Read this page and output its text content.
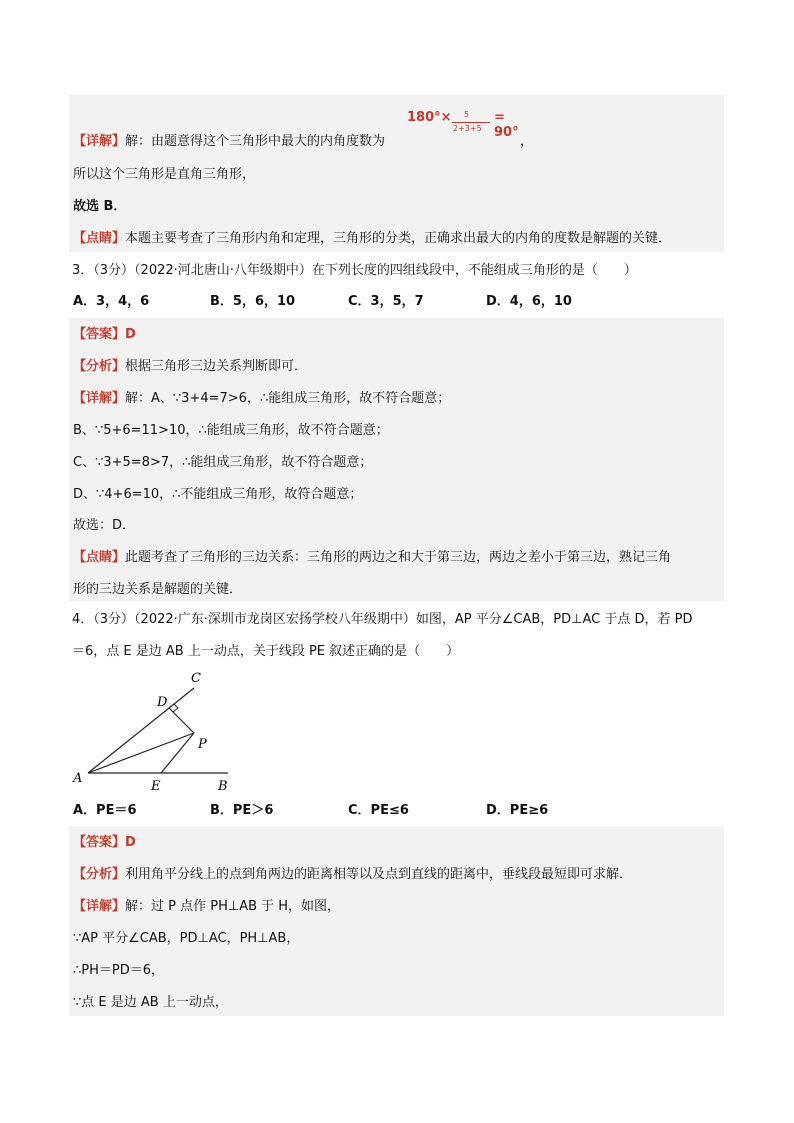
【详解】解：由题意得这个三角形中最大的内角度数为
180°× 5
2+3+5
= 90°
，
所以这个三角形是直角三角形，
故选 B．
【点睛】本题主要考查了三角形内角和定理，三角形的分类，正确求出最大的内角的度数是解题的关键．
3．（3分）（2022·河北唐山·八年级期中）在下列长度的四组线段中，不能组成三角形的是（　　）
A．3，4，6	B．5，6，10	C．3，5，7	D．4，6，10
【答案】D
【分析】根据三角形三边关系判断即可．
【详解】解：A、∵3+4=7>6，∴能组成三角形，故不符合题意；
B、∵5+6=11>10，∴能组成三角形，故不符合题意；
C、∵3+5=8>7，∴能组成三角形，故不符合题意；
D、∵4+6=10，∴不能组成三角形，故符合题意；
故选：D．
【点睛】此题考查了三角形的三边关系：三角形的两边之和大于第三边，两边之差小于第三边，熟记三角
形的三边关系是解题的关键．
4．（3分）（2022·广东·深圳市龙岗区宏扬学校八年级期中）如图，AP 平分∠CAB，PD⊥AC 于点 D，若 PD
＝6，点 E 是边 AB 上一动点，关于线段 PE 叙述正确的是（　　）
C
D
P
A
E	B
A．PE＝6	B．PE＞6	C．PE≤6	D．PE≥6
【答案】D
【分析】利用角平分线上的点到角两边的距离相等以及点到直线的距离中，垂线段最短即可求解．
【详解】解：过 P 点作 PH⊥AB 于 H，如图，
∵AP 平分∠CAB，PD⊥AC，PH⊥AB，
∴PH＝PD＝6，
∵点 E 是边 AB 上一动点，
